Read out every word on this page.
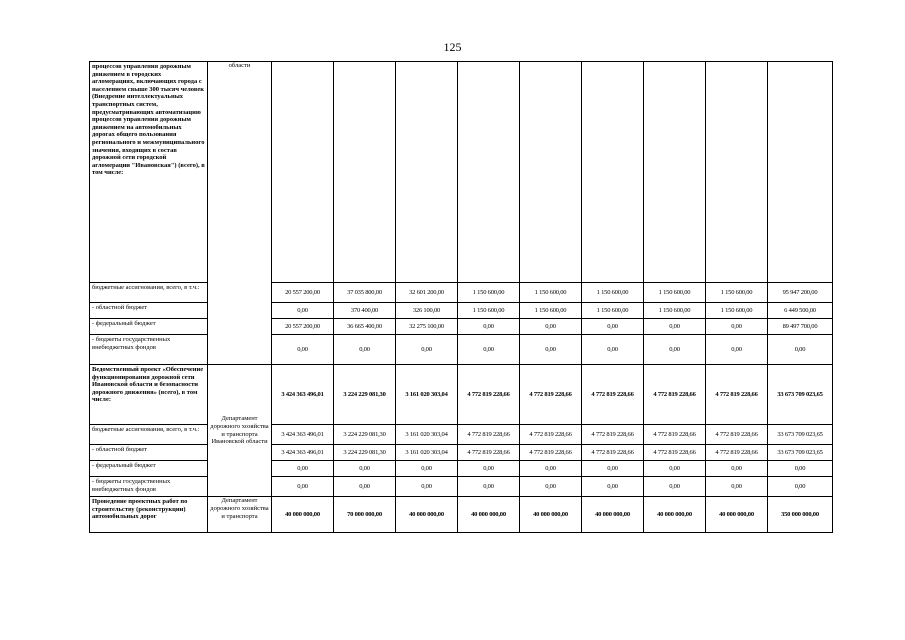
125
процессов управления дорожным движением в городских агломерациях, включающих города с населением свыше 300 тысяч человек (Внедрение интеллектуальных транспортных систем, предусматривающих автоматизацию процессов управления дорожным движением на автомобильных дорогах общего пользования регионального и межмуниципального значения, входящих в состав дорожной сети городской агломерации "Ивановская") (всего), в том числе:	области									
бюджетные ассигнования, всего, в т.ч.:		20 557 200,00	37 035 800,00	32 601 200,00	1 150 600,00	1 150 600,00	1 150 600,00	1 150 600,00	1 150 600,00	95 947 200,00
- областной бюджет		0,00	370 400,00	326 100,00	1 150 600,00	1 150 600,00	1 150 600,00	1 150 600,00	1 150 600,00	6 449 500,00
- федеральный бюджет		20 557 200,00	36 665 400,00	32 275 100,00	0,00	0,00	0,00	0,00	0,00	89 497 700,00
- бюджеты государственных внебюджетных фондов		0,00	0,00	0,00	0,00	0,00	0,00	0,00	0,00	0,00
Ведомственный проект «Обеспечение функционирования дорожной сети Ивановской области и безопасности дорожного движения» (всего), в том числе:	Департамент дорожного хозяйства и транспорта Ивановской области	3 424 363 496,01	3 224 229 081,30	3 161 020 303,04	4 772 819 228,66	4 772 819 228,66	4 772 819 228,66	4 772 819 228,66	4 772 819 228,66	33 673 709 023,65
бюджетные ассигнования, всего, в т.ч.:		3 424 363 496,01	3 224 229 081,30	3 161 020 303,04	4 772 819 228,66	4 772 819 228,66	4 772 819 228,66	4 772 819 228,66	4 772 819 228,66	33 673 709 023,65
- областной бюджет		3 424 363 496,01	3 224 229 081,30	3 161 020 303,04	4 772 819 228,66	4 772 819 228,66	4 772 819 228,66	4 772 819 228,66	4 772 819 228,66	33 673 709 023,65
- федеральный бюджет		0,00	0,00	0,00	0,00	0,00	0,00	0,00	0,00	0,00
- бюджеты государственных внебюджетных фондов		0,00	0,00	0,00	0,00	0,00	0,00	0,00	0,00	0,00
Проведение проектных работ по строительству (реконструкции) автомобильных дорог	Департамент дорожного хозяйства и транспорта	40 000 000,00	70 000 000,00	40 000 000,00	40 000 000,00	40 000 000,00	40 000 000,00	40 000 000,00	40 000 000,00	350 000 000,00
